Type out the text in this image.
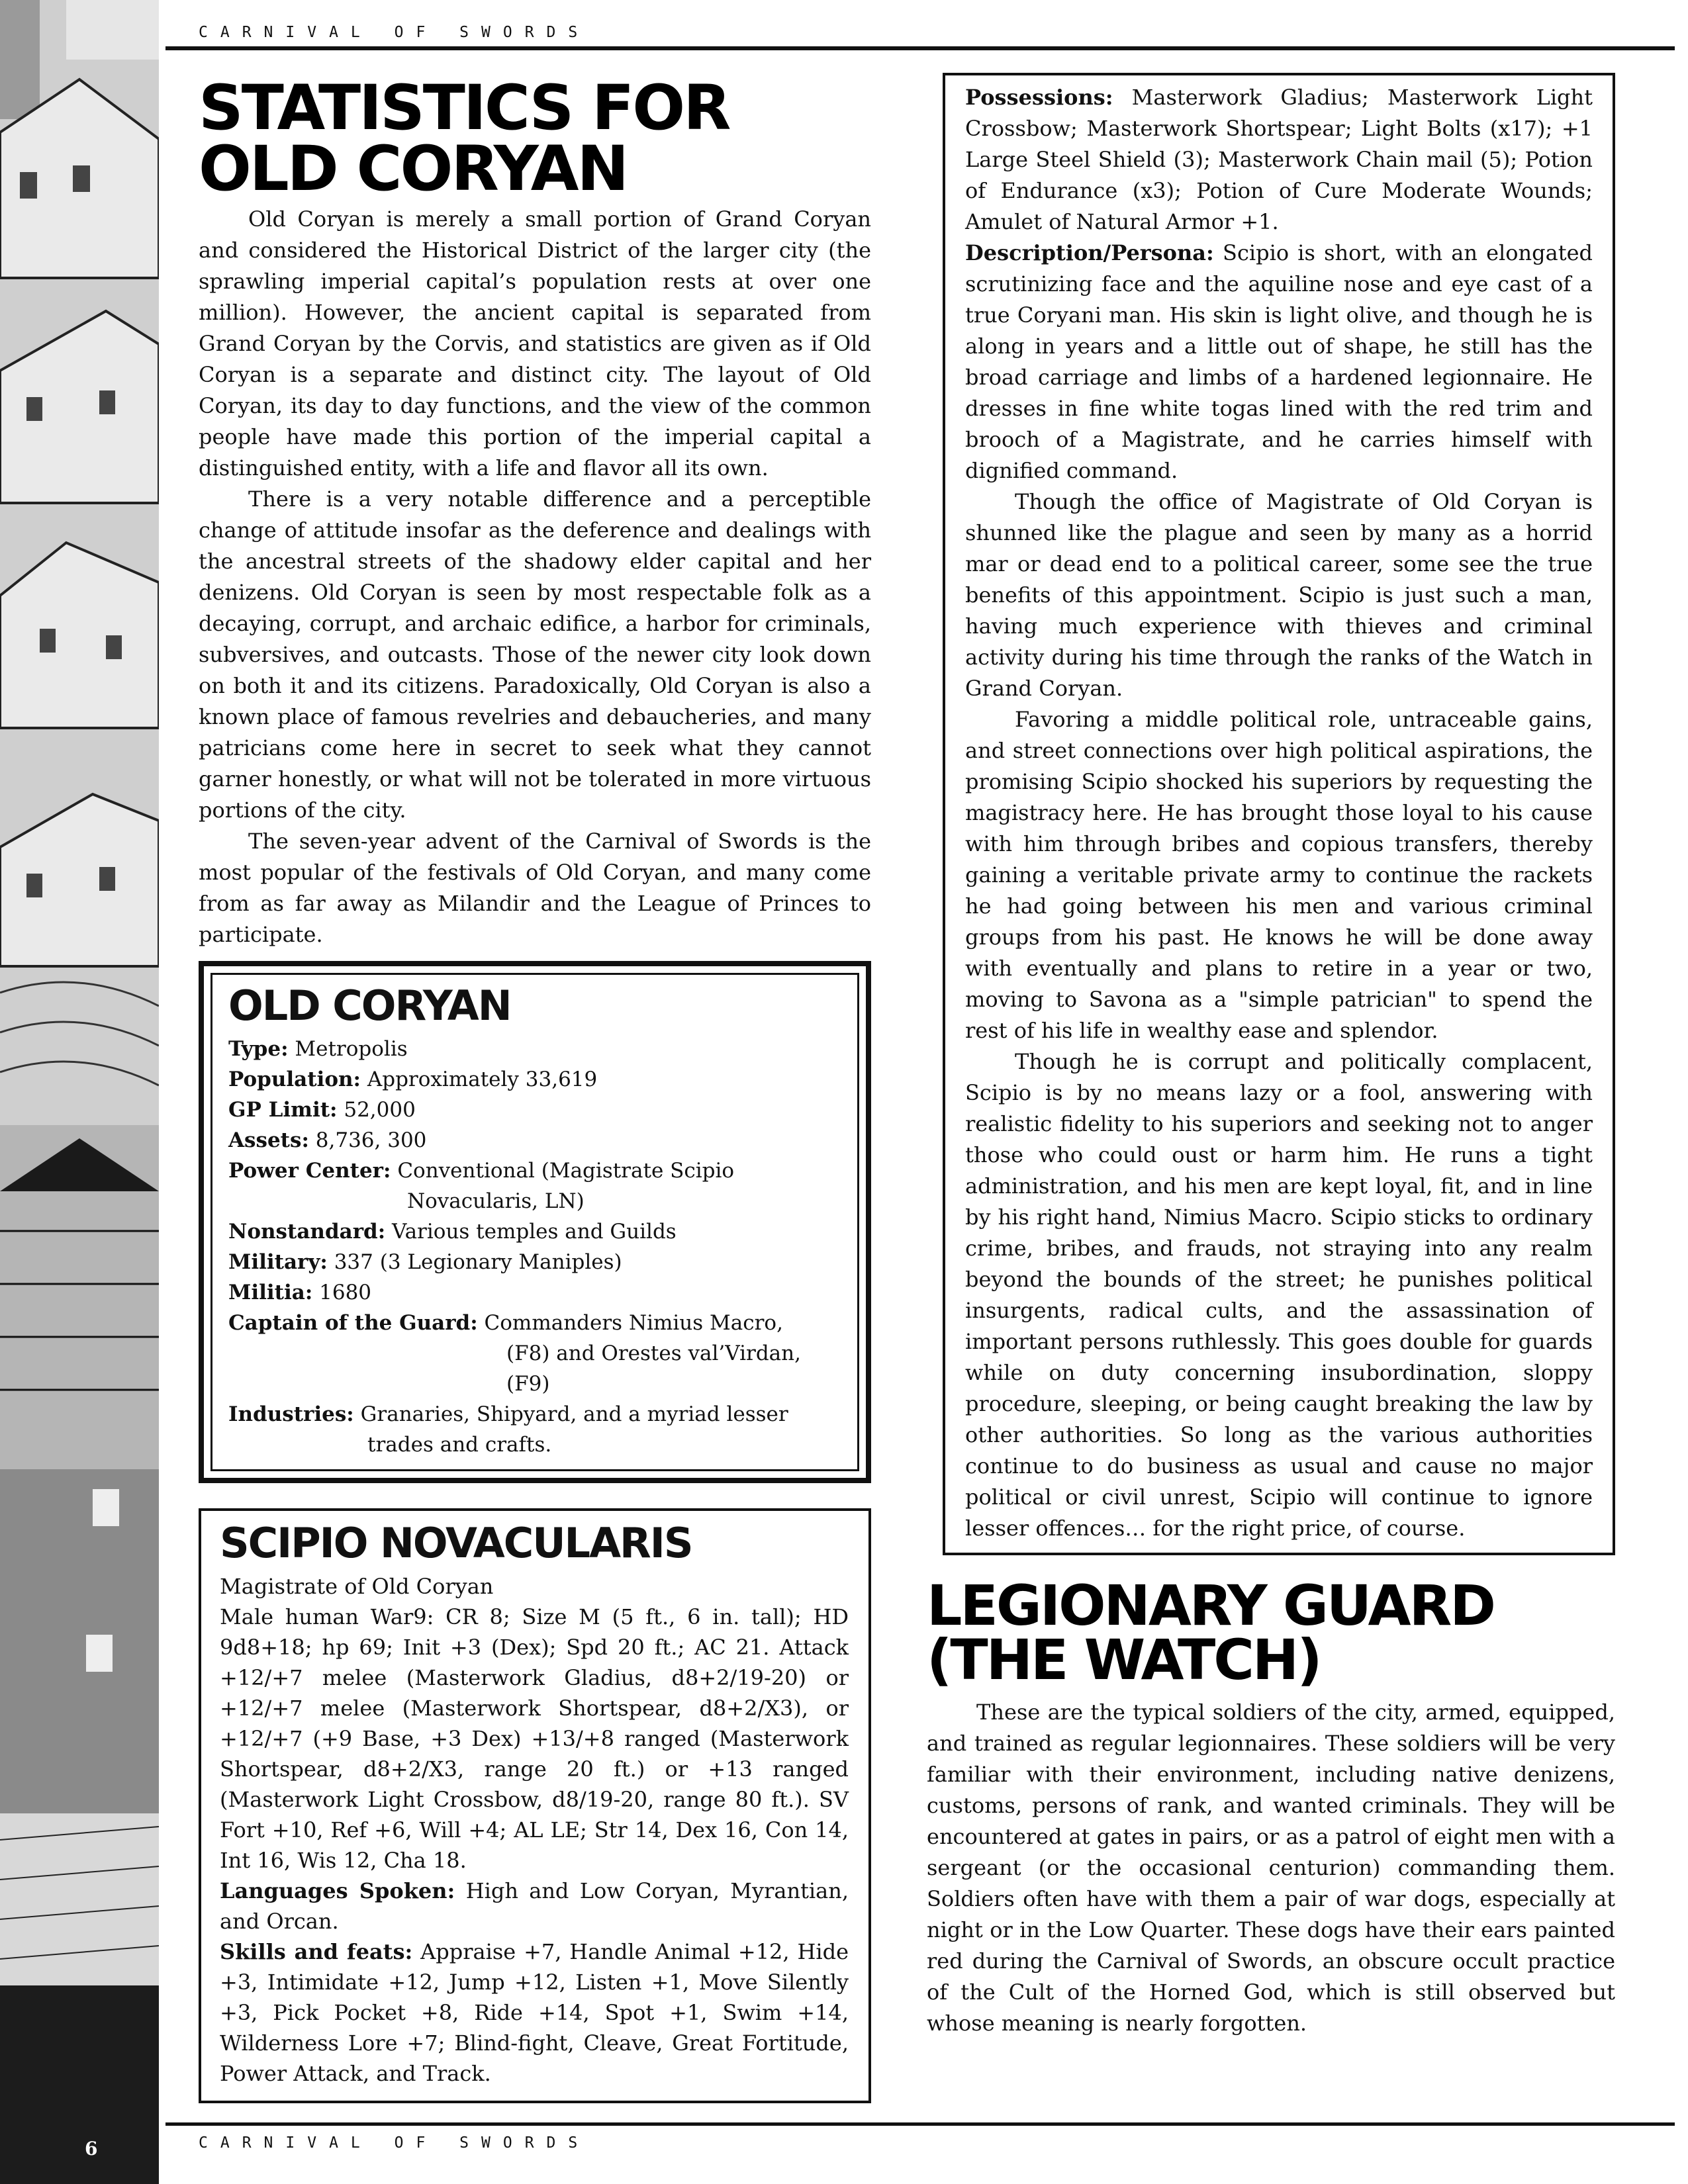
6
CARNIVAL OF SWORDS
STATISTICS FOR
OLD CORYAN

Old Coryan is merely a small portion of Grand Coryan and considered the Historical District of the larger city (the sprawling imperial capital’s population rests at over one million). However, the ancient capital is separated from Grand Coryan by the Corvis, and statistics are given as if Old Coryan is a separate and distinct city. The layout of Old Coryan, its day to day functions, and the view of the common people have made this portion of the imperial capital a distinguished entity, with a life and flavor all its own.

There is a very notable difference and a perceptible change of attitude insofar as the deference and dealings with the ancestral streets of the shadowy elder capital and her denizens. Old Coryan is seen by most respectable folk as a decaying, corrupt, and archaic edifice, a harbor for criminals, subversives, and outcasts. Those of the newer city look down on both it and its citizens. Paradoxically, Old Coryan is also a known place of famous revelries and debaucheries, and many patricians come here in secret to seek what they cannot garner honestly, or what will not be tolerated in more virtuous portions of the city.

The seven-year advent of the Carnival of Swords is the most popular of the festivals of Old Coryan, and many come from as far away as Milandir and the League of Princes to participate.

OLD CORYAN
Type: Metropolis
Population: Approximately 33,619
GP Limit: 52,000
Assets: 8,736, 300
Power Center: Conventional (Magistrate Scipio
Novacularis, LN)
Nonstandard: Various temples and Guilds
Military: 337 (3 Legionary Maniples)
Militia: 1680
Captain of the Guard: Commanders Nimius Macro,
(F8) and Orestes val’Virdan,
(F9)
Industries: Granaries, Shipyard, and a myriad lesser
trades and crafts.
SCIPIO NOVACULARIS

Magistrate of Old Coryan

Male human War9: CR 8; Size M (5 ft., 6 in. tall); HD 9d8+18; hp 69; Init +3 (Dex); Spd 20 ft.; AC 21. Attack +12/+7 melee (Masterwork Gladius, d8+2/19-20) or +12/+7 melee (Masterwork Shortspear, d8+2/X3), or +12/+7 (+9 Base, +3 Dex) +13/+8 ranged (Masterwork Shortspear, d8+2/X3, range 20 ft.) or +13 ranged (Masterwork Light Crossbow, d8/19-20, range 80 ft.). SV Fort +10, Ref +6, Will +4; AL LE; Str 14, Dex 16, Con 14, Int 16, Wis 12, Cha 18.

Languages Spoken: High and Low Coryan, Myrantian, and Orcan.

Skills and feats: Appraise +7, Handle Animal +12, Hide +3, Intimidate +12, Jump +12, Listen +1, Move Silently +3, Pick Pocket +8, Ride +14, Spot +1, Swim +14, Wilderness Lore +7; Blind-fight, Cleave, Great Fortitude, Power Attack, and Track.

Possessions: Masterwork Gladius; Masterwork Light Crossbow; Masterwork Shortspear; Light Bolts (x17); +1 Large Steel Shield (3); Masterwork Chain mail (5); Potion of Endurance (x3); Potion of Cure Moderate Wounds; Amulet of Natural Armor +1.

Description/Persona: Scipio is short, with an elongated scrutinizing face and the aquiline nose and eye cast of a true Coryani man. His skin is light olive, and though he is along in years and a little out of shape, he still has the broad carriage and limbs of a hardened legionnaire. He dresses in fine white togas lined with the red trim and brooch of a Magistrate, and he carries himself with dignified command.

Though the office of Magistrate of Old Coryan is shunned like the plague and seen by many as a horrid mar or dead end to a political career, some see the true benefits of this appointment. Scipio is just such a man, having much experience with thieves and criminal activity during his time through the ranks of the Watch in Grand Coryan.

Favoring a middle political role, untraceable gains, and street connections over high political aspirations, the promising Scipio shocked his superiors by requesting the magistracy here. He has brought those loyal to his cause with him through bribes and copious transfers, thereby gaining a veritable private army to continue the rackets he had going between his men and various criminal groups from his past. He knows he will be done away with eventually and plans to retire in a year or two, moving to Savona as a "simple patrician" to spend the rest of his life in wealthy ease and splendor.

Though he is corrupt and politically complacent, Scipio is by no means lazy or a fool, answering with realistic fidelity to his superiors and seeking not to anger those who could oust or harm him. He runs a tight administration, and his men are kept loyal, fit, and in line by his right hand, Nimius Macro. Scipio sticks to ordinary crime, bribes, and frauds, not straying into any realm beyond the bounds of the street; he punishes political insurgents, radical cults, and the assassination of important persons ruthlessly. This goes double for guards while on duty concerning insubordination, sloppy procedure, sleeping, or being caught breaking the law by other authorities. So long as the various authorities continue to do business as usual and cause no major political or civil unrest, Scipio will continue to ignore lesser offences… for the right price, of course.

LEGIONARY GUARD
(THE WATCH)

These are the typical soldiers of the city, armed, equipped, and trained as regular legionnaires. These soldiers will be very familiar with their environment, including native denizens, customs, persons of rank, and wanted criminals. They will be encountered at gates in pairs, or as a patrol of eight men with a sergeant (or the occasional centurion) commanding them. Soldiers often have with them a pair of war dogs, especially at night or in the Low Quarter. These dogs have their ears painted red during the Carnival of Swords, an obscure occult practice of the Cult of the Horned God, which is still observed but whose meaning is nearly forgotten.

CARNIVAL OF SWORDS
